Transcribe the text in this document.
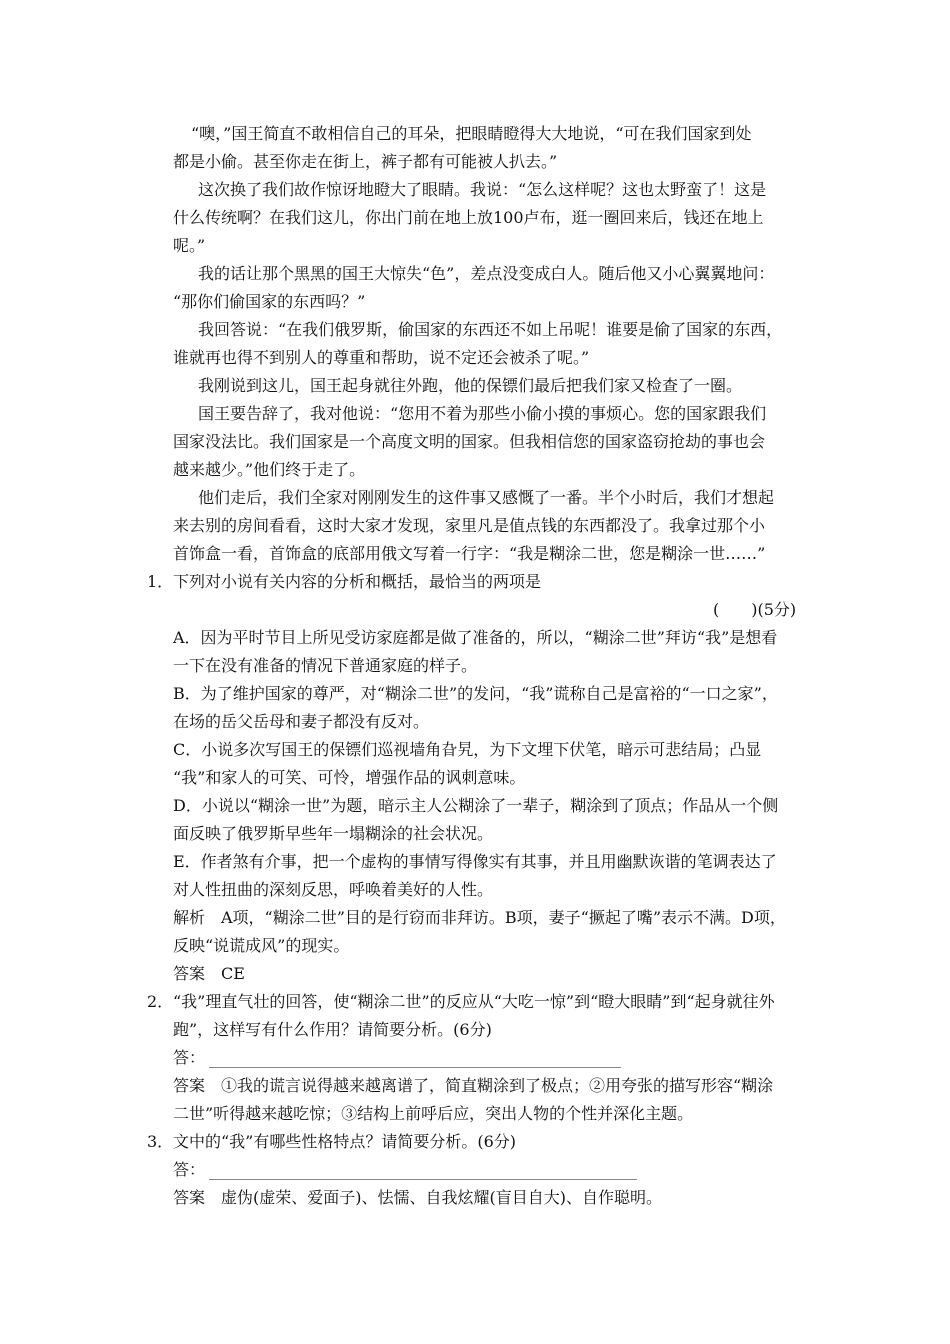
“噢，”国王简直不敢相信自己的耳朵，把眼睛瞪得大大地说，“可在我们国家到处
都是小偷。甚至你走在街上，裤子都有可能被人扒去。”
这次换了我们故作惊讶地瞪大了眼睛。我说：“怎么这样呢？这也太野蛮了！这是
什么传统啊？在我们这儿，你出门前在地上放100卢布，逛一圈回来后，钱还在地上
呢。”
我的话让那个黑黑的国王大惊失“色”，差点没变成白人。随后他又小心翼翼地问：
“那你们偷国家的东西吗？”
我回答说：“在我们俄罗斯，偷国家的东西还不如上吊呢！谁要是偷了国家的东西，
谁就再也得不到别人的尊重和帮助，说不定还会被杀了呢。”
我刚说到这儿，国王起身就往外跑，他的保镖们最后把我们家又检查了一圈。
国王要告辞了，我对他说：“您用不着为那些小偷小摸的事烦心。您的国家跟我们
国家没法比。我们国家是一个高度文明的国家。但我相信您的国家盗窃抢劫的事也会
越来越少。”他们终于走了。
他们走后，我们全家对刚刚发生的这件事又感慨了一番。半个小时后，我们才想起
来去别的房间看看，这时大家才发现，家里凡是值点钱的东西都没了。我拿过那个小
首饰盒一看，首饰盒的底部用俄文写着一行字：“我是糊涂二世，您是糊涂一世……”
1． 下列对小说有关内容的分析和概括，最恰当的两项是
(　　)(5分)
A．因为平时节目上所见受访家庭都是做了准备的，所以，“糊涂二世”拜访“我”是想看
一下在没有准备的情况下普通家庭的样子。
B．为了维护国家的尊严，对“糊涂二世”的发问，“我”谎称自己是富裕的“一口之家”，
在场的岳父岳母和妻子都没有反对。
C．小说多次写国王的保镖们巡视墙角旮旯，为下文埋下伏笔，暗示可悲结局；凸显
“我”和家人的可笑、可怜，增强作品的讽刺意味。
D．小说以“糊涂一世”为题，暗示主人公糊涂了一辈子，糊涂到了顶点；作品从一个侧
面反映了俄罗斯早些年一塌糊涂的社会状况。
E．作者煞有介事，把一个虚构的事情写得像实有其事，并且用幽默诙谐的笔调表达了
对人性扭曲的深刻反思，呼唤着美好的人性。
解析　A项，“糊涂二世”目的是行窃而非拜访。B项，妻子“撅起了嘴”表示不满。D项，
反映“说谎成风”的现实。
答案　CE
2． “我”理直气壮的回答，使“糊涂二世”的反应从“大吃一惊”到“瞪大眼睛”到“起身就往外
跑”，这样写有什么作用？请简要分析。(6分)
答：
答案　①我的谎言说得越来越离谱了，简直糊涂到了极点；②用夸张的描写形容“糊涂
二世”听得越来越吃惊；③结构上前呼后应，突出人物的个性并深化主题。
3． 文中的“我”有哪些性格特点？请简要分析。(6分)
答：
答案　虚伪(虚荣、爱面子)、怯懦、自我炫耀(盲目自大)、自作聪明。
